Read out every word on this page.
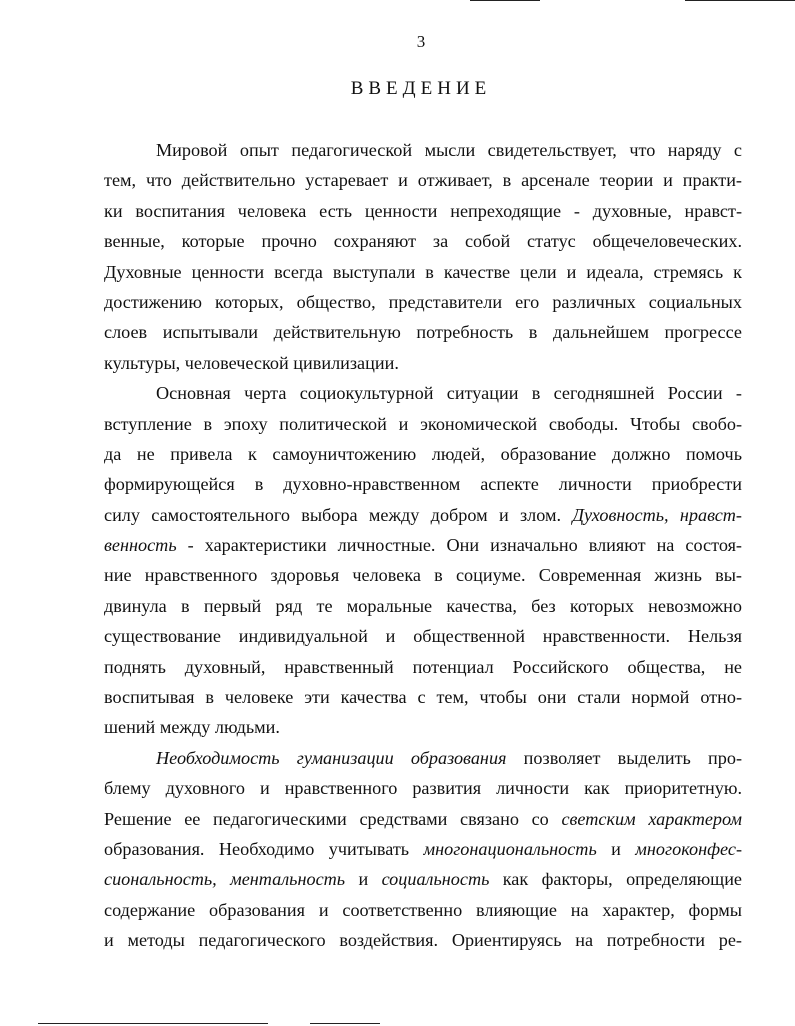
3
ВВЕДЕНИЕ
Мировой опыт педагогической мысли свидетельствует, что наряду с
тем, что действительно устаревает и отживает, в арсенале теории и практи-
ки воспитания человека есть ценности непреходящие - духовные, нравст-
венные, которые прочно сохраняют за собой статус общечеловеческих.
Духовные ценности всегда выступали в качестве цели и идеала, стремясь к
достижению которых, общество, представители его различных социальных
слоев испытывали действительную потребность в дальнейшем прогрессе
культуры, человеческой цивилизации.
Основная черта социокультурной ситуации в сегодняшней России -
вступление в эпоху политической и экономической свободы. Чтобы свобо-
да не привела к самоуничтожению людей, образование должно помочь
формирующейся в духовно-нравственном аспекте личности приобрести
силу самостоятельного выбора между добром и злом. Духовность, нравст-
венность - характеристики личностные. Они изначально влияют на состоя-
ние нравственного здоровья человека в социуме. Современная жизнь вы-
двинула в первый ряд те моральные качества, без которых невозможно
существование индивидуальной и общественной нравственности. Нельзя
поднять духовный, нравственный потенциал Российского общества, не
воспитывая в человеке эти качества с тем, чтобы они стали нормой отно-
шений между людьми.
Необходимость гуманизации образования позволяет выделить про-
блему духовного и нравственного развития личности как приоритетную.
Решение ее педагогическими средствами связано со светским характером
образования. Необходимо учитывать многонациональность и многоконфес-
сиональность, ментальность и социальность как факторы, определяющие
содержание образования и соответственно влияющие на характер, формы
и методы педагогического воздействия. Ориентируясь на потребности ре-
